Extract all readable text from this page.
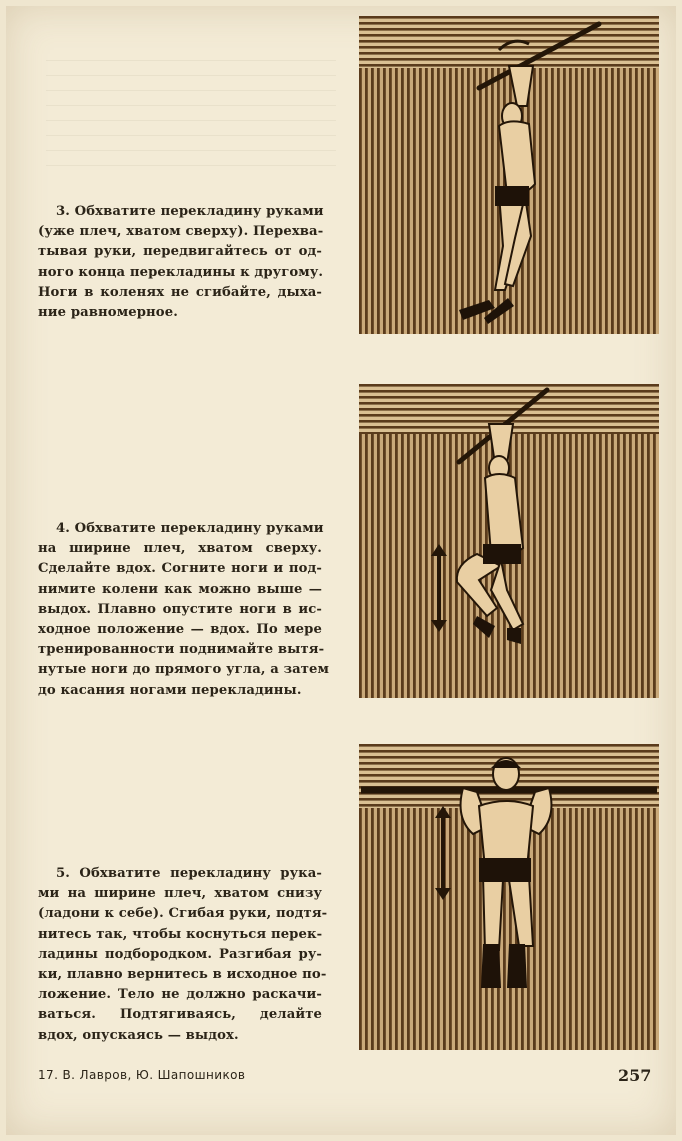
3. Обхватите перекладину руками
(уже плеч, хватом сверху). Перехва-
тывая руки, передвигайтесь от од-
ного конца перекладины к другому.
Ноги в коленях не сгибайте, дыха-
ние равномерное.
4. Обхватите перекладину руками
на ширине плеч, хватом сверху.
Сделайте вдох. Согните ноги и под-
нимите колени как можно выше —
выдох. Плавно опустите ноги в ис-
ходное положение — вдох. По мере
тренированности поднимайте вытя-
нутые ноги до прямого угла, а затем
до касания ногами перекладины.
5. Обхватите перекладину рука-
ми на ширине плеч, хватом снизу
(ладони к себе). Сгибая руки, подтя-
нитесь так, чтобы коснуться перек-
ладины подбородком. Разгибая ру-
ки, плавно вернитесь в исходное по-
ложение. Тело не должно раскачи-
ваться. Подтягиваясь, делайте
вдох, опускаясь — выдох.
17. В. Лавров, Ю. Шапошников	257
